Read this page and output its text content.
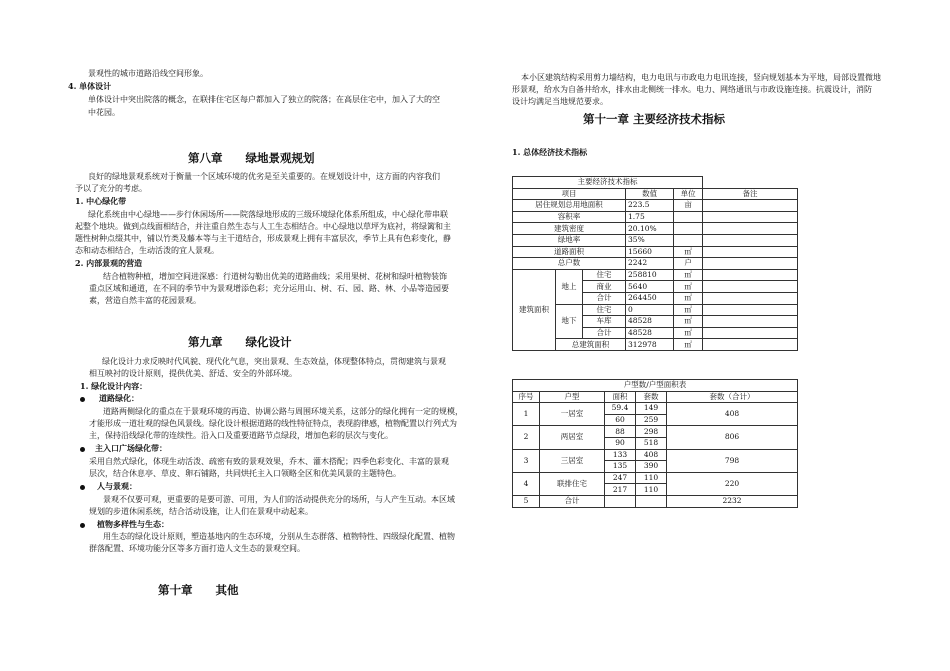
景观性的城市道路沿线空间形象。
4. 单体设计
单体设计中突出院落的概念，在联排住宅区每户都加入了独立的院落；在高层住宅中，加入了大的空
中花园。
第八章　　绿地景观规划
良好的绿地景观系统对于衡量一个区域环境的优劣是至关重要的。在规划设计中，这方面的内容我们
予以了充分的考虑。
1. 中心绿化带
绿化系统由中心绿地——步行休闲场所——院落绿地形成的三级环境绿化体系所组成，中心绿化带串联
起整个地块。做到点线面相结合，并注重自然生态与人工生态相结合。中心绿地以草坪为底衬，将绿篱和主
题性树种点缀其中，铺以竹类及藤本等与主干道结合，形成景观上拥有丰富层次，季节上具有色彩变化，静
态和动态相结合，生动活泼的宜人景观。
2. 内部景观的营造
结合植物种植，增加空间进深感：行道树勾勒出优美的道路曲线；采用果树、花树和绿叶植物装饰
重点区域和通道，在不同的季节中为景观增添色彩；充分运用山、树、石、园、路、林、小品等造园要
素，营造自然丰富的花园景观。
第九章　　绿化设计
绿化设计力求反映时代风貌、现代化气息，突出景观、生态效益，体现整体特点，贯彻建筑与景观
相互映衬的设计原则，提供优美、舒适、安全的外部环境。
1. 绿化设计内容：
道路绿化：
道路两侧绿化的重点在于景观环境的再造、协调公路与周围环境关系，这部分的绿化拥有一定的规模，
才能形成一道壮观的绿色风景线。绿化设计根据道路的线性特征特点，表现韵律感，植物配置以行列式为
主，保持沿线绿化带的连续性。沿入口及重要道路节点绿段，增加色彩的层次与变化。
主入口广场绿化带：
采用自然式绿化，体现生动活泼、疏密有致的景观效果，乔木、灌木搭配；四季色彩变化、丰富的景观
层次，结合休息亭、草皮、卵石铺路，共同烘托主入口领略全区和优美风景的主题特色。
人与景观：
景观不仅要可观，更重要的是要可游、可用，为人们的活动提供充分的场所，与人产生互动。本区域
规划的步道休闲系统，结合活动设施，让人们在景观中动起来。
植物多样性与生态：
用生态的绿化设计原则，塑造基地内的生态环境，分别从生态群落、植物特性、四级绿化配置、植物
群落配置、环境功能分区等多方面打造人文生态的景观空间。
第十章　　其他
本小区建筑结构采用剪力墙结构，电力电讯与市政电力电讯连接，竖向规划基本为平地，局部设置微地
形景观，给水为自备井给水，排水由北侧统一排水。电力、网络通讯与市政设施连接。抗震设计，消防
设计均满足当地规范要求。
第十一章 主要经济技术指标
1. 总体经济技术指标
主要经济技术指标					
项目			数值	单位	备注
居住规划总用地面积			223.5	亩	
容积率			1.75		
建筑密度			20.10%		
绿地率			35%		
道路面积			15660	㎡	
总户数			2242	户	
建筑面积	地上	住宅	258810	㎡	
		商业	5640	㎡	
		合计	264450	㎡	
	地下	住宅	0	㎡	
		车库	48528	㎡	
		合计	48528	㎡	
	总建筑面积		312978	㎡	
户型数/户型面积表				
序号	户型	面积	套数	套数（合计）
1	一居室	59.4	149	408
		60	259	
2	两居室	88	298	806
		90	518	
3	三居室	133	408	798
		135	390	
4	联排住宅	247	110	220
		217	110	
5	合计			2232
